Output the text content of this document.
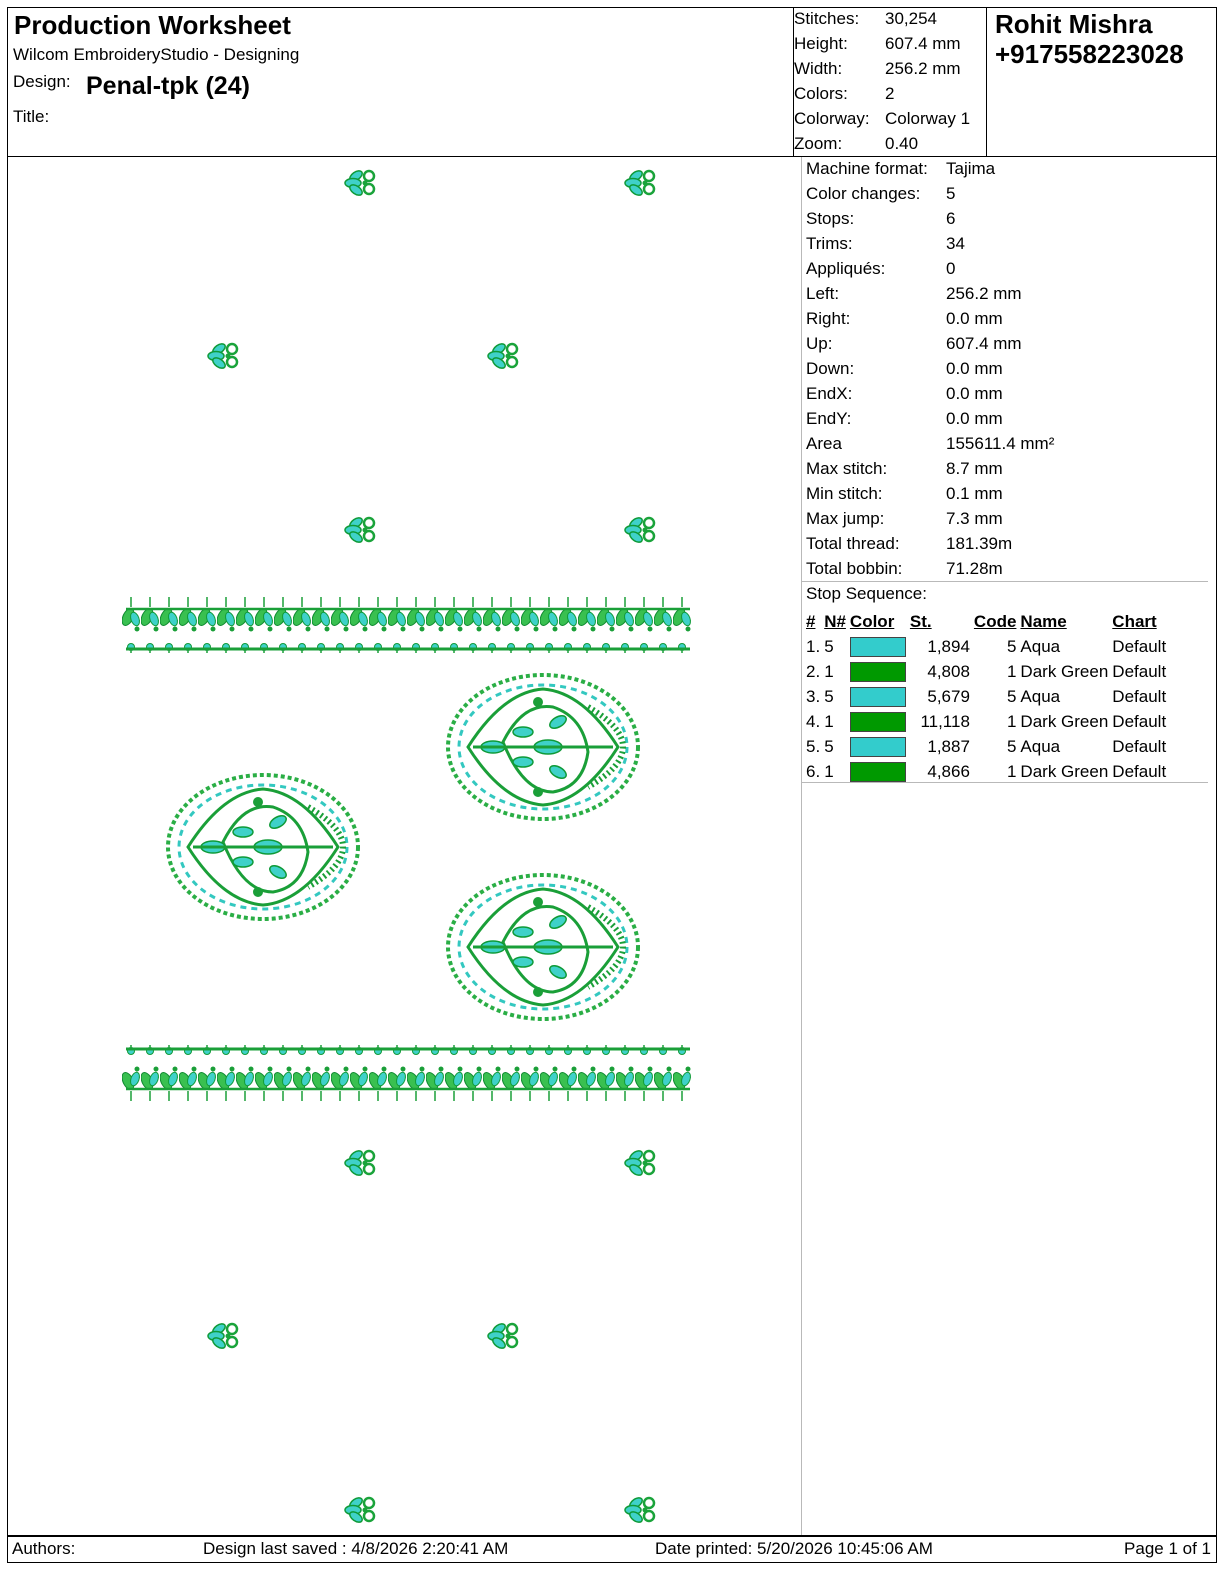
Production Worksheet
Wilcom EmbroideryStudio - Designing
Design: Penal-tpk (24)
Title:
Stitches: 30,254
Height: 607.4 mm
Width:	256.2 mm
Colors: 2
Colorway: Colorway 1
Zoom:	0.40
Rohit Mishra
+917558223028
Machine format: Tajima
Color changes: 5
Stops:	6
Trims:	34
Appliqués:	0
Left:	256.2 mm
Right:	0.0 mm
Up:	607.4 mm
Down:	0.0 mm
EndX:	0.0 mm
EndY:	0.0 mm
Area	155611.4 mm²
Max stitch:	8.7 mm
Min stitch:	0.1 mm
Max jump:	7.3 mm
Total thread:	181.39m
Total bobbin:	71.28m
Stop Sequence:
#	N#	Color	St.	Code	Name	Chart
1.	5		1,894	5	Aqua	Default
2.	1		4,808	1	Dark Green	Default
3.	5		5,679	5	Aqua	Default
4.	1		11,118	1	Dark Green	Default
5.	5		1,887	5	Aqua	Default
6.	1		4,866	1	Dark Green	Default
Authors:	Design last saved : 4/8/2026 2:20:41 AM	Date printed: 5/20/2026 10:45:06 AM	Page 1 of 1
